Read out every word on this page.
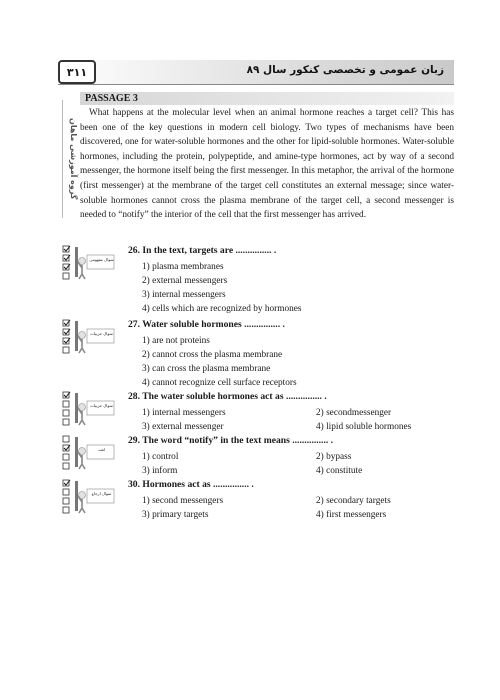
زبان عمومی و تخصصی کنکور سال ۸۹
۳۱۱
گروه آموزشی ماهان
PASSAGE 3

What happens at the molecular level when an animal hormone reaches a target cell? This has been one of the key questions in modern cell biology. Two types of mechanisms have been discovered, one for water-soluble hormones and the other for lipid-soluble hormones. Water-soluble hormones, including the protein, polypeptide, and amine-type hormones, act by way of a second messenger, the hormone itself being the first messenger. In this metaphor, the arrival of the hormone (first messenger) at the membrane of the target cell constitutes an external message; since water-soluble hormones cannot cross the plasma membrane of the target cell, a second messenger is needed to “notify” the interior of the cell that the first messenger has arrived.

سوال مفهومی
26. In the text, targets are ............... .
1) plasma membranes
2) external messengers
3) internal messengers
4) cells which are recognized by hormones
سوال جزییات
27. Water soluble hormones ............... .
1) are not proteins
2) cannot cross the plasma membrane
3) can cross the plasma membrane
4) cannot recognize cell surface receptors
سوال جزییات
28. The water soluble hormones act as ............... .
1) internal messengers	2) secondmessenger
3) external messenger	4) lipid soluble hormones
لغت
29. The word “notify” in the text means ............... .
1) control	2) bypass
3) inform	4) constitute
سوال ارجاع
30. Hormones act as ............... .
1) second messengers	2) secondary targets
3) primary targets	4) first messengers
